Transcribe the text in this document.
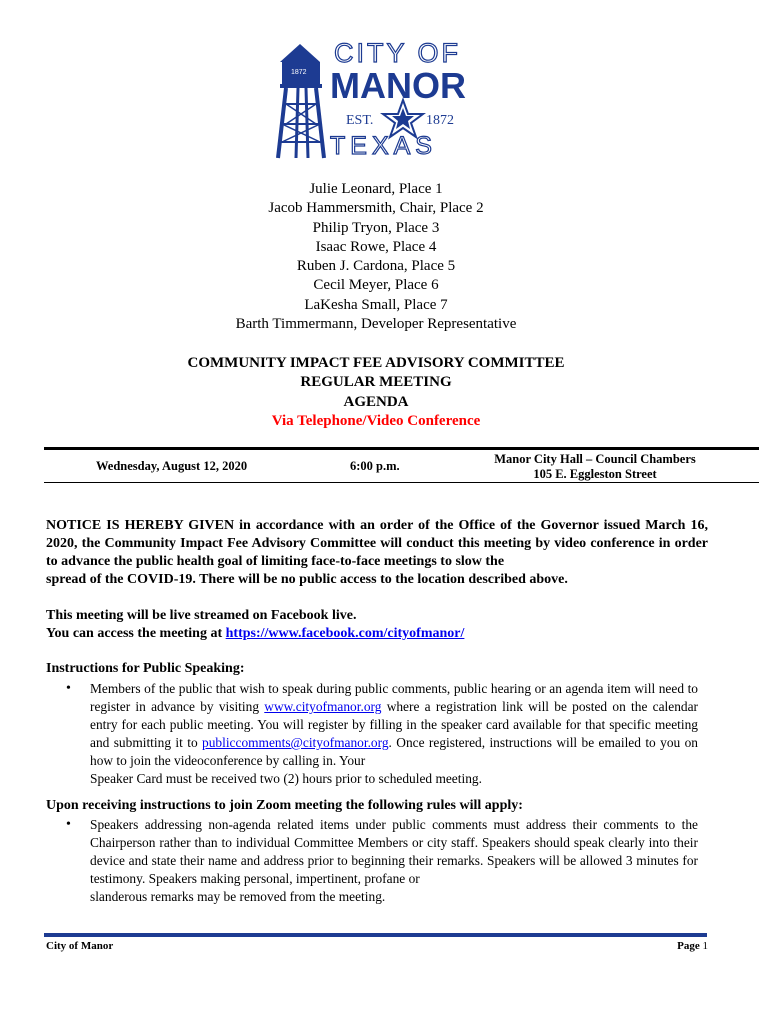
1872
CITY OF
MANOR
EST.	1872
TEXAS
Julie Leonard, Place 1
Jacob Hammersmith, Chair, Place 2
Philip Tryon, Place 3
Isaac Rowe, Place 4
Ruben J. Cardona, Place 5
Cecil Meyer, Place 6
LaKesha Small, Place 7
Barth Timmermann, Developer Representative
COMMUNITY IMPACT FEE ADVISORY COMMITTEE
REGULAR MEETING
AGENDA
Via Telephone/Video Conference
Wednesday, August 12, 2020	6:00 p.m.	Manor City Hall – Council Chambers
105 E. Eggleston Street
NOTICE IS HEREBY GIVEN in accordance with an order of the Office of the Governor issued March 16, 2020, the Community Impact Fee Advisory Committee will conduct this meeting by video conference in order to advance the public health goal of limiting face-to-face meetings to slow the
spread of the COVID-19. There will be no public access to the location described above.
This meeting will be live streamed on Facebook live.
You can access the meeting at https://www.facebook.com/cityofmanor/
Instructions for Public Speaking:
• Members of the public that wish to speak during public comments, public hearing or an agenda item will need to register in advance by visiting www.cityofmanor.org where a registration link will be posted on the calendar entry for each public meeting. You will register by filling in the speaker card available for that specific meeting and submitting it to publiccomments@cityofmanor.org. Once registered, instructions will be emailed to you on how to join the videoconference by calling in. Your
Speaker Card must be received two (2) hours prior to scheduled meeting.
Upon receiving instructions to join Zoom meeting the following rules will apply:
• Speakers addressing non-agenda related items under public comments must address their comments to the Chairperson rather than to individual Committee Members or city staff. Speakers should speak clearly into their device and state their name and address prior to beginning their remarks. Speakers will be allowed 3 minutes for testimony. Speakers making personal, impertinent, profane or
slanderous remarks may be removed from the meeting.
City of Manor	Page 1
